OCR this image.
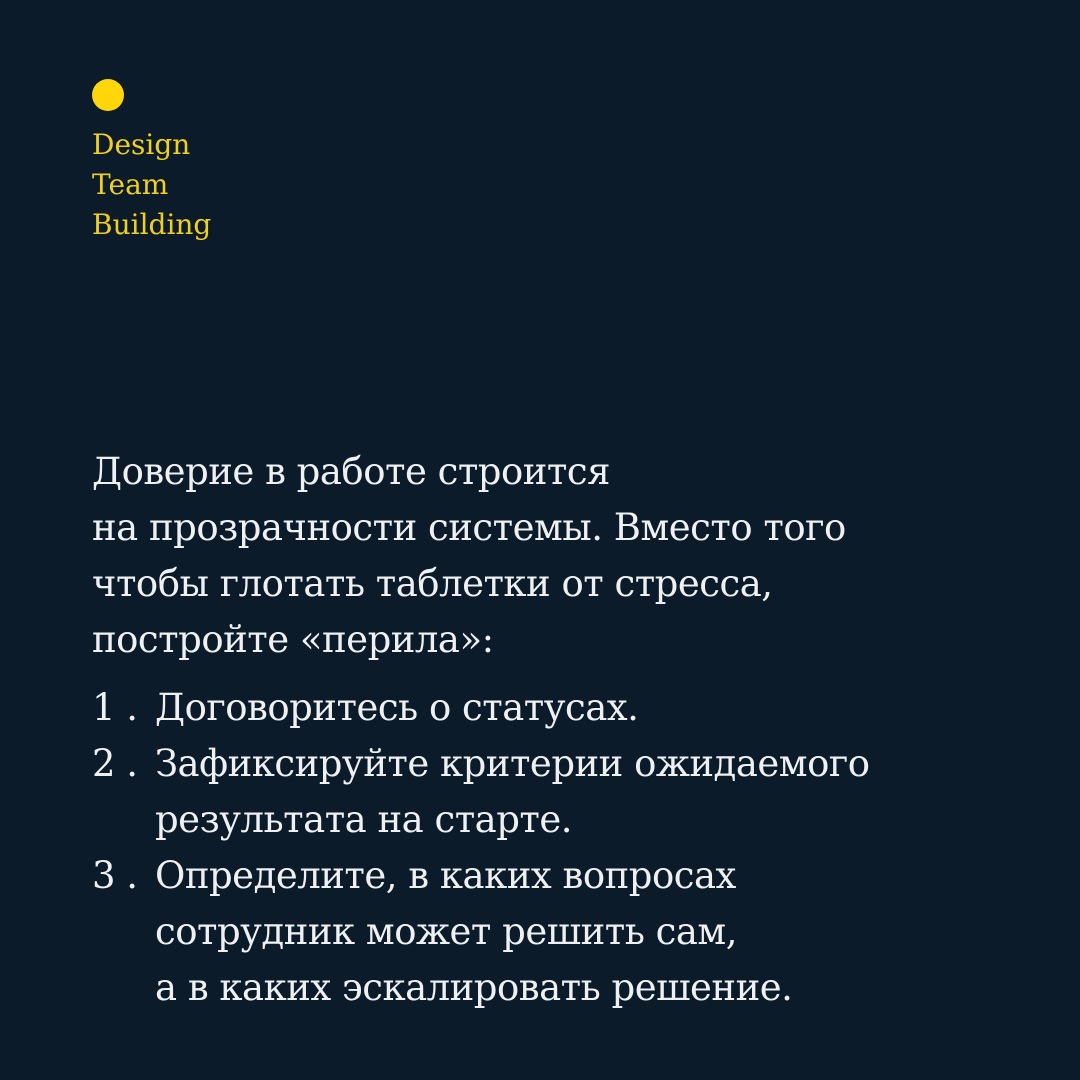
Design
Team
Building
Доверие в работе строится
на прозрачности системы. Вместо того
чтобы глотать таблетки от стресса,
постройте «перила»:
1 . Договоритесь о статусах.
2 . Зафиксируйте критерии ожидаемого
результата на старте.
3 . Определите, в каких вопросах
сотрудник может решить сам,
а в каких эскалировать решение.
